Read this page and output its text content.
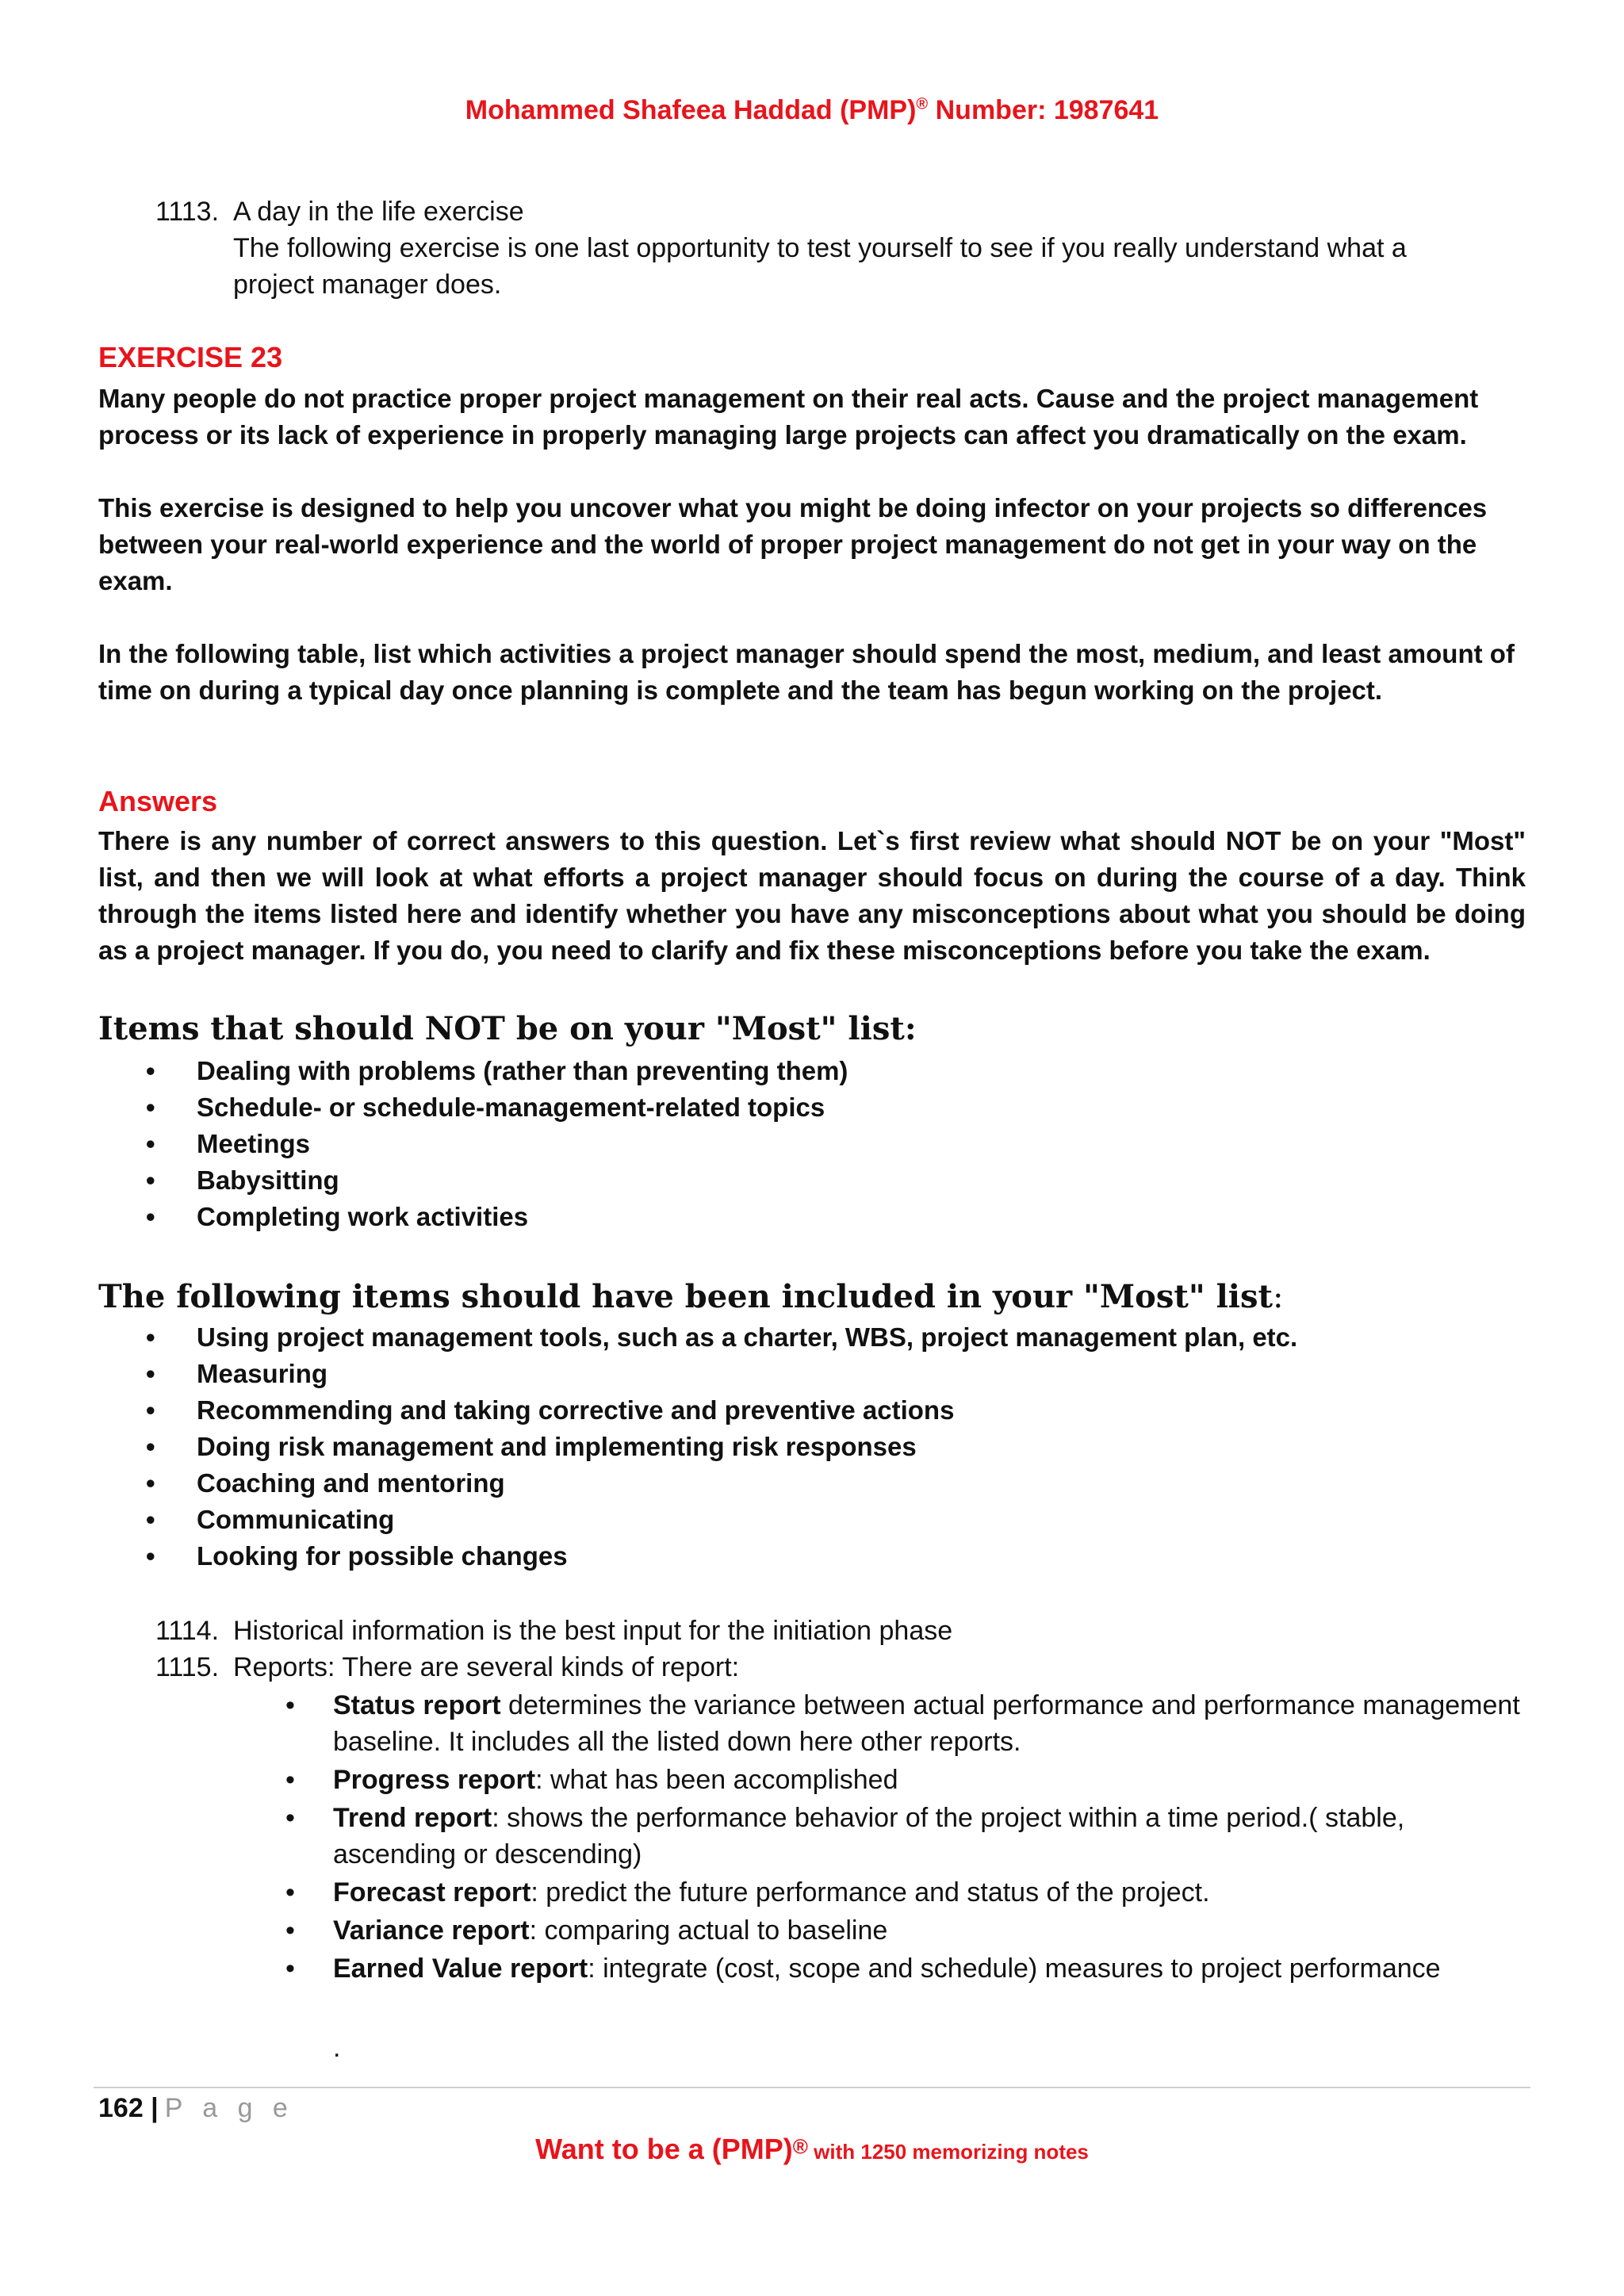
Mohammed Shafeea Haddad (PMP)® Number: 1987641
1113. A day in the life exercise
The following exercise is one last opportunity to test yourself to see if you really understand what a
project manager does.
EXERCISE 23
Many people do not practice proper project management on their real acts. Cause and the project management process or its lack of experience in properly managing large projects can affect you dramatically on the exam.
This exercise is designed to help you uncover what you might be doing infector on your projects so differences between your real-world experience and the world of proper project management do not get in your way on the exam.
In the following table, list which activities a project manager should spend the most, medium, and least amount of time on during a typical day once planning is complete and the team has begun working on the project.
Answers
There is any number of correct answers to this question. Let`s first review what should NOT be on your "Most" list, and then we will look at what efforts a project manager should focus on during the course of a day. Think through the items listed here and identify whether you have any misconceptions about what you should be doing as a project manager. If you do, you need to clarify and fix these misconceptions before you take the exam.
Items that should NOT be on your "Most" list:
• Dealing with problems (rather than preventing them)
• Schedule- or schedule-management-related topics
• Meetings
• Babysitting
• Completing work activities
The following items should have been included in your "Most" list:
• Using project management tools, such as a charter, WBS, project management plan, etc.
• Measuring
• Recommending and taking corrective and preventive actions
• Doing risk management and implementing risk responses
• Coaching and mentoring
• Communicating
• Looking for possible changes
1114. Historical information is the best input for the initiation phase
1115. Reports: There are several kinds of report:
• Status report determines the variance between actual performance and performance management baseline. It includes all the listed down here other reports.
• Progress report: what has been accomplished
• Trend report: shows the performance behavior of the project within a time period.( stable, ascending or descending)
• Forecast report: predict the future performance and status of the project.
• Variance report: comparing actual to baseline
• Earned Value report: integrate (cost, scope and schedule) measures to project performance
.
162 | P a g e
Want to be a (PMP)® with 1250 memorizing notes
